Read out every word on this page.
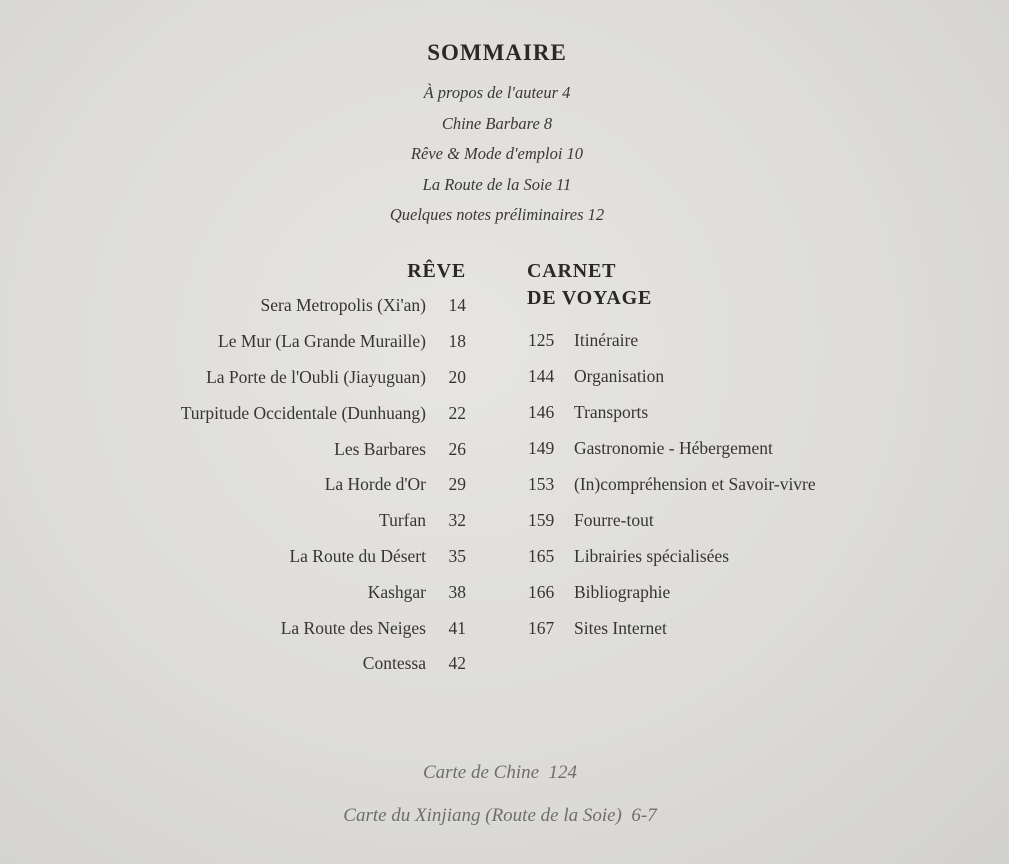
SOMMAIRE
À propos de l'auteur 4
Chine Barbare 8
Rêve & Mode d'emploi 10
La Route de la Soie 11
Quelques notes préliminaires 12
RÊVE	CARNET
DE VOYAGE
Sera Metropolis (Xi'an)	14
Le Mur (La Grande Muraille)	18
La Porte de l'Oubli (Jiayuguan)	20
Turpitude Occidentale (Dunhuang)	22
Les Barbares	26
La Horde d'Or	29
Turfan	32
La Route du Désert	35
Kashgar	38
La Route des Neiges	41
Contessa	42
125	Itinéraire
144	Organisation
146	Transports
149	Gastronomie - Hébergement
153	(In)compréhension et Savoir-vivre
159	Fourre-tout
165	Librairies spécialisées
166	Bibliographie
167	Sites Internet
Carte de Chine  124
Carte du Xinjiang (Route de la Soie)  6-7
